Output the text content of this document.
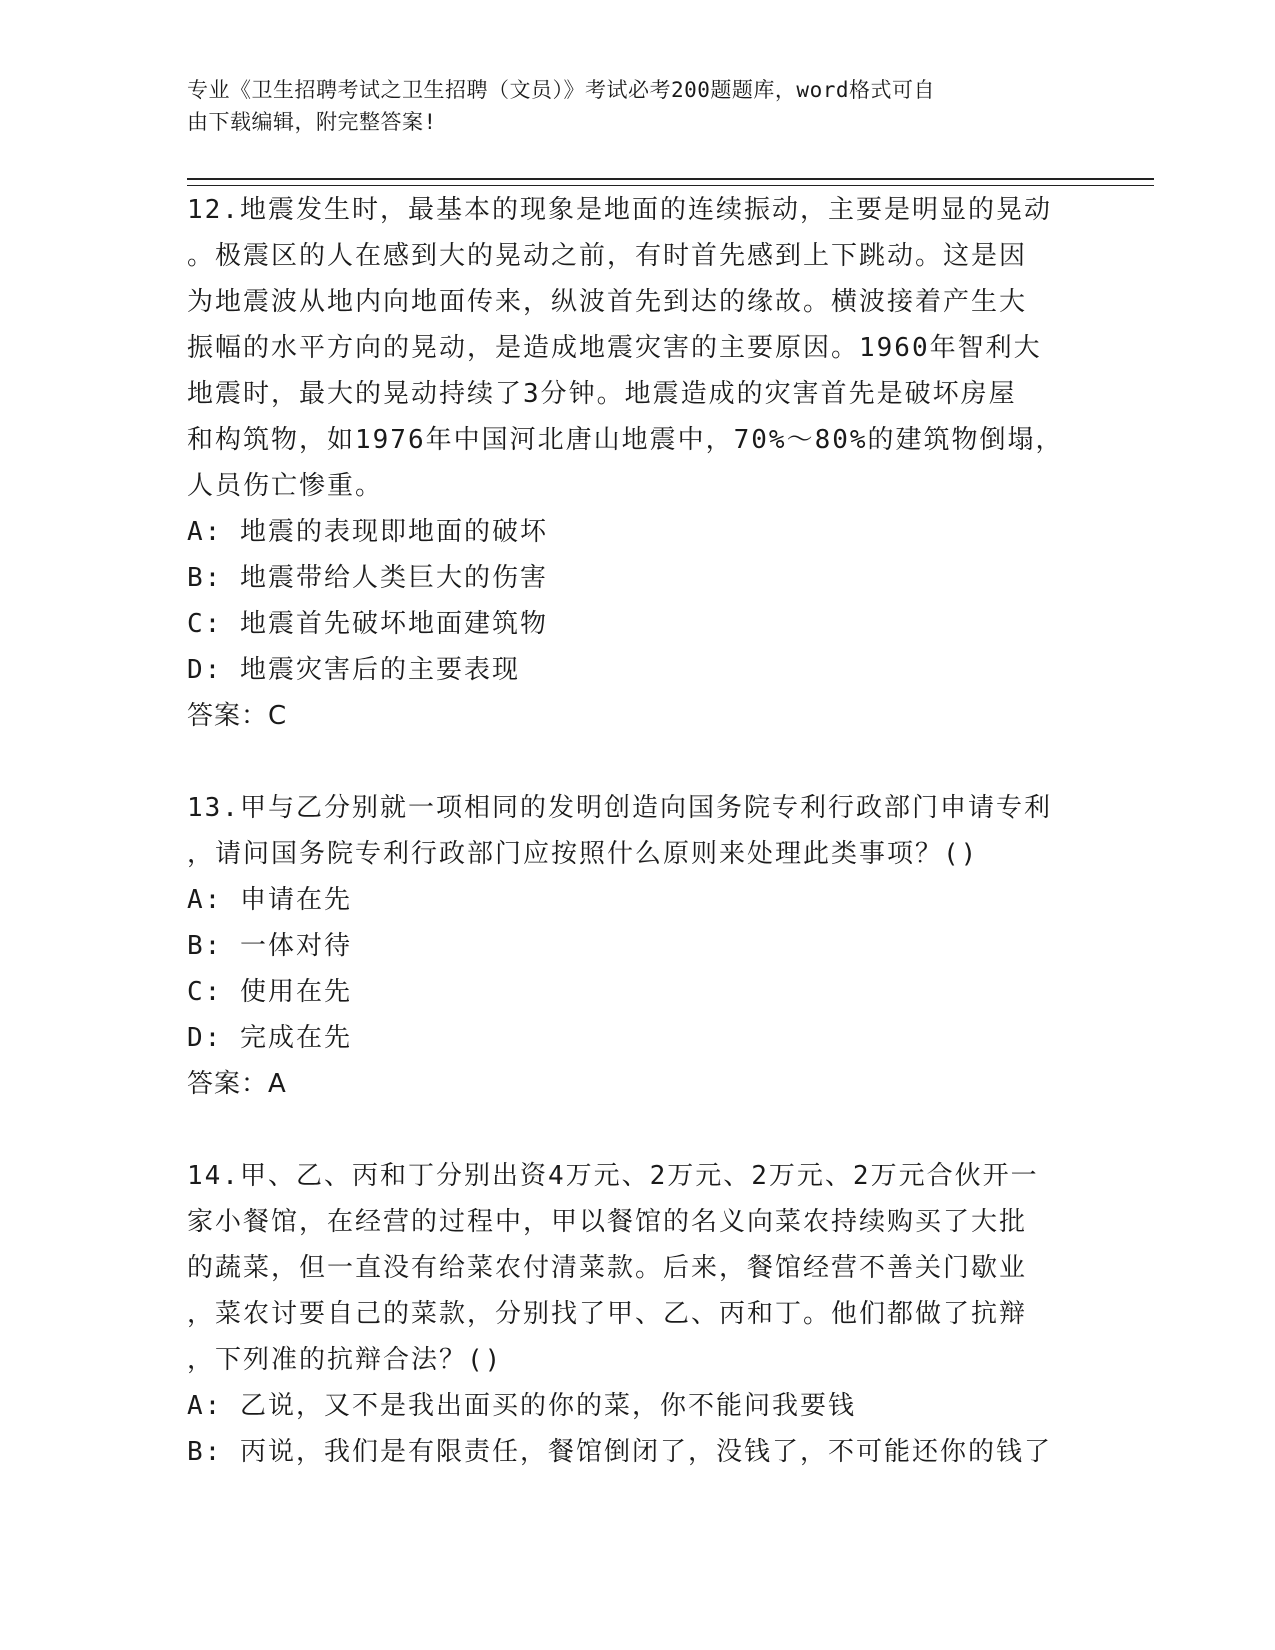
专业《卫生招聘考试之卫生招聘（文员）》考试必考200题题库，word格式可自
由下载编辑，附完整答案!

12.地震发生时，最基本的现象是地面的连续振动，主要是明显的晃动

。极震区的人在感到大的晃动之前，有时首先感到上下跳动。这是因

为地震波从地内向地面传来，纵波首先到达的缘故。横波接着产生大

振幅的水平方向的晃动，是造成地震灾害的主要原因。1960年智利大

地震时，最大的晃动持续了3分钟。地震造成的灾害首先是破坏房屋

和构筑物，如1976年中国河北唐山地震中，70%～80%的建筑物倒塌，

人员伤亡惨重。

A: 地震的表现即地面的破坏

B: 地震带给人类巨大的伤害

C: 地震首先破坏地面建筑物

D: 地震灾害后的主要表现

答案：C

13.甲与乙分别就一项相同的发明创造向国务院专利行政部门申请专利

，请问国务院专利行政部门应按照什么原则来处理此类事项？()

A: 申请在先

B: 一体对待

C: 使用在先

D: 完成在先

答案：A

14.甲、乙、丙和丁分别出资4万元、2万元、2万元、2万元合伙开一

家小餐馆，在经营的过程中，甲以餐馆的名义向菜农持续购买了大批

的蔬菜，但一直没有给菜农付清菜款。后来，餐馆经营不善关门歇业

，菜农讨要自己的菜款，分别找了甲、乙、丙和丁。他们都做了抗辩

，下列准的抗辩合法？()

A: 乙说，又不是我出面买的你的菜，你不能问我要钱

B: 丙说，我们是有限责任，餐馆倒闭了，没钱了，不可能还你的钱了
